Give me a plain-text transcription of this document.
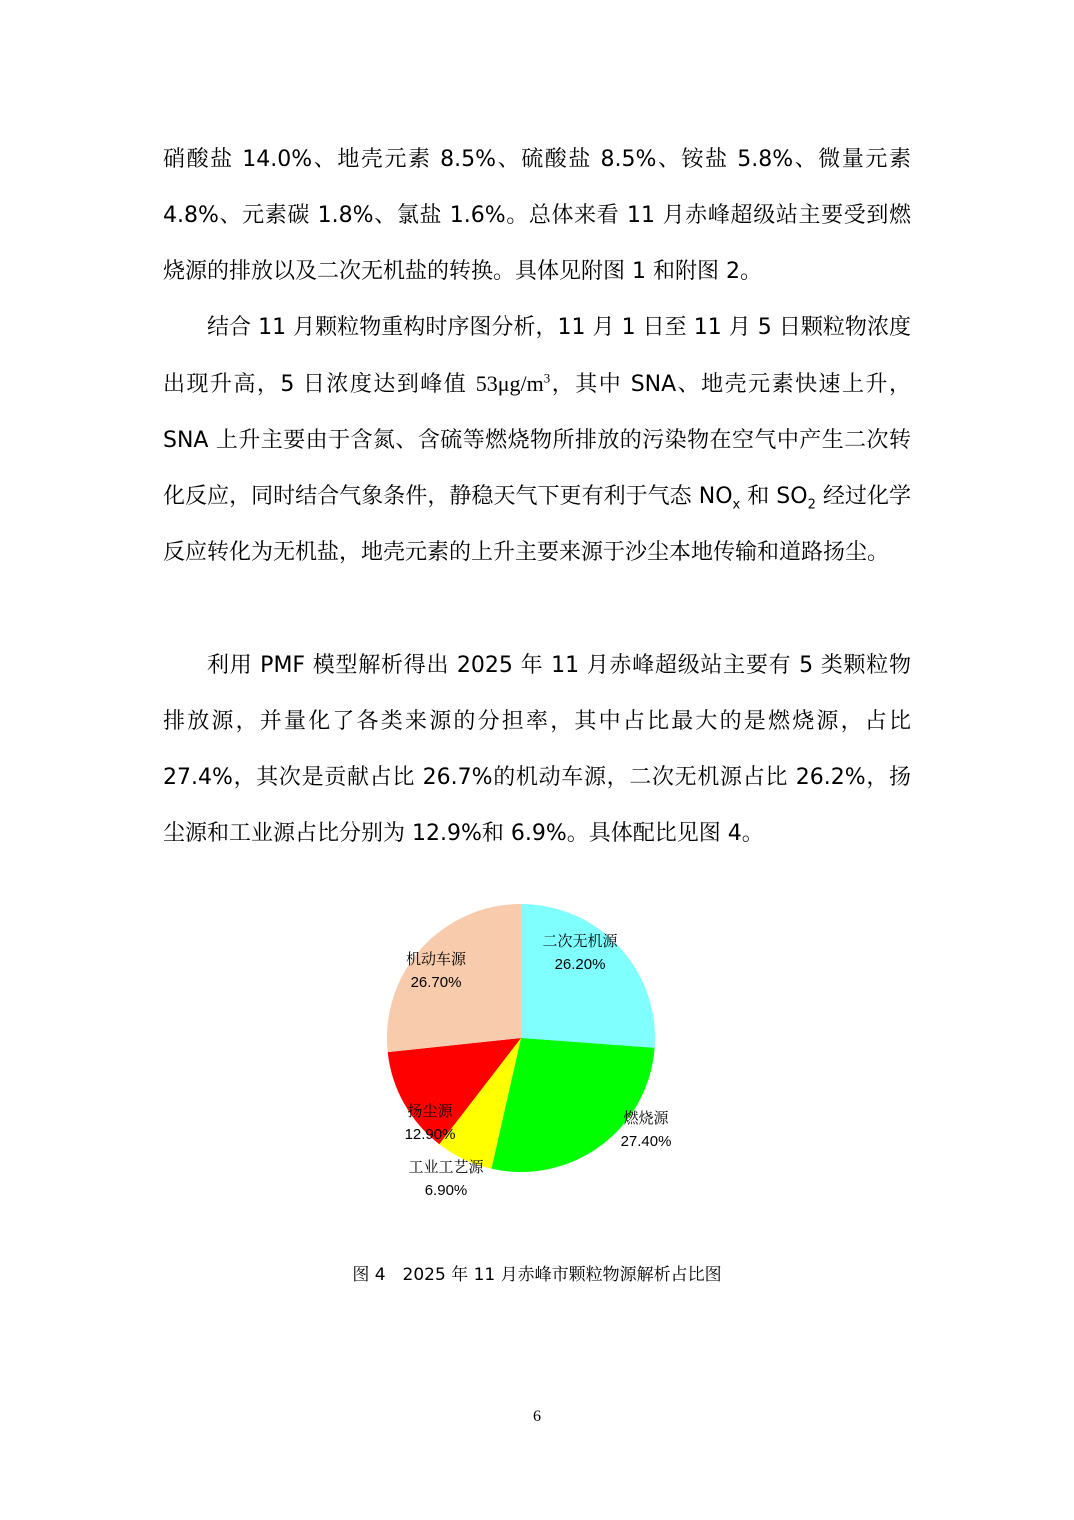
硝酸盐 14.0%、地壳元素 8.5%、硫酸盐 8.5%、铵盐 5.8%、微量元素 4.8%、元素碳 1.8%、氯盐 1.6%。总体来看 11 月赤峰超级站主要受到燃烧源的排放以及二次无机盐的转换。具体见附图 1 和附图 2。

结合 11 月颗粒物重构时序图分析，11 月 1 日至 11 月 5 日颗粒物浓度出现升高，5 日浓度达到峰值 $53\mu g/m^3$，其中 SNA、地壳元素快速上升，SNA 上升主要由于含氮、含硫等燃烧物所排放的污染物在空气中产生二次转化反应，同时结合气象条件，静稳天气下更有利于气态 $NO_x$ 和 $SO_2$ 经过化学反应转化为无机盐，地壳元素的上升主要来源于沙尘本地传输和道路扬尘。

利用 PMF 模型解析得出 2025 年 11 月赤峰超级站主要有 5 类颗粒物排放源，并量化了各类来源的分担率，其中占比最大的是燃烧源，占比 27.4%，其次是贡献占比 26.7%的机动车源，二次无机源占比 26.2%，扬尘源和工业源占比分别为 12.9%和 6.9%。具体配比见图 4。

二次无机源
26.20%
燃烧源
27.40%
工业工艺源
6.90%
扬尘源
12.90%
机动车源
26.70%
图 4　2025 年 11 月赤峰市颗粒物源解析占比图
6
